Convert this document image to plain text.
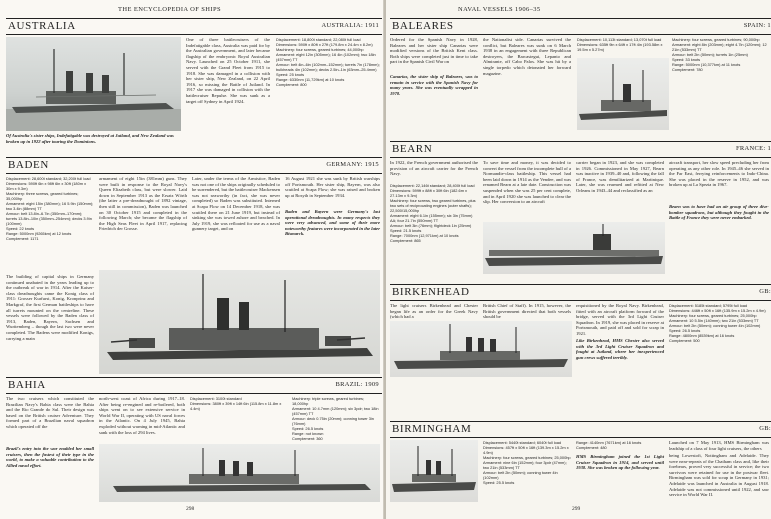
THE ENCYCLOPEDIA OF SHIPS
AUSTRALIA	AUSTRALIA: 1911
Of Australia's sister ships, Indefatigable was destroyed at Jutland, and New Zealand was broken up in 1922 after touring the Dominions.
One of three battlecruisers of the Indefatigable class, Australia was paid for by the Australian government, and later became flagship of the embryonic Royal Australian Navy. Launched on 25 October 1911, she served with the Grand Fleet from 1915 to 1918. She was damaged in a collision with her sister ship, New Zealand, on 22 April 1916, so missing the Battle of Jutland. In 1917 she was damaged in collision with the battlecruiser Repulse. She was sunk as a target off Sydney in April 1924.
Displacement: 18,800t standard; 22,080t full load
Dimensions: 590ft x 80ft x 27ft (179.8m x 24.4m x 8.2m)
Machinery: four screws, geared turbines; 44,000hp
Armament: eight 12in (305mm); 16 4in (102mm); two 18in (457mm) TT
Armour: belt 4in–6in (102mm–152mm); turrets 7in (178mm); bulkheads 4in (102mm); decks 2.5in–1in (63mm–25.4mm)
Speed: 25 knots
Range: 6330nm (11,729km) at 10 knots
Complement: 800
BADEN	GERMANY: 1915
Displacement: 28,600t standard; 32,200t full load
Dimensions: 590ft 6in x 98ft 6in x 30ft (180m x 30m x 9.3m)
Machinery: three screws, geared turbines; 35,000hp
Armament: eight 15in (380mm); 16 5.9in (150mm); two 3.4in (88mm) TT
Armour: belt 13.8in–6.7in (350mm–170mm); turrets 13.8in–10in (350mm–254mm); decks 3.9in (100mm)
Speed: 22 knots
Range: 5000nm (9265km) at 12 knots
Complement: 1171
The building of capital ships in Germany continued unabated in the years leading up to the outbreak of war in 1914. After the Kaiser-class dreadnoughts came the Konig class of 1911: Grosser Kurfurst, Konig, Kronprinz and Markgraf, the first German battleships to have all turrets mounted on the centreline. These vessels were followed by the Baden class of 1913, Baden, Bayern, Sachsen and Wurttemberg – though the last two were never completed. The Badens were modified Konigs, carrying a main
armament of eight 15in (381mm) guns. They were built in response to the Royal Navy's Queen Elizabeth class, but were slower. Laid down in September 1913 as the Ersatz Wörth (the latter a pre-dreadnought of 1892 vintage, then still in commission), Baden was launched on 30 October 1915 and completed in the following March; she became the flagship of the High Seas Fleet in April 1917, replacing Friedrich der Grosse.
Later, under the terms of the Armistice, Baden was not one of the ships originally scheduled to be surrendered, but the battlecruiser Mackensen was not seaworthy (in fact, she was never completed) so Baden was substituted. Interned at Scapa Flow on 14 December 1918, she was scuttled there on 21 June 1919, but instead of sinking she was towed ashore and beached. In July 1919, she was refloated for use as a naval gunnery target, and on
16 August 1921 she was sunk by British warships off Portsmouth. Her sister ship, Bayern, was also scuttled at Scapa Flow; she was raised and broken up at Rosyth in September 1934.
Baden and Bayern were Germany's last operational dreadnoughts. In many respects they were very advanced, and some of their more noteworthy features were incorporated in the later Bismarck.
BAHIA	BRAZIL: 1909
The two cruisers which constituted the Brazilian Navy's Bahia class were the Bahia and the Rio Grande do Sul. Their design was based on the British cruiser Adventure. They formed part of a Brazilian naval squadron which operated off the
Brazil's entry into the war enabled her small cruisers, then the fastest of their type in the world, to make a valuable contribution to the Allied naval effort.
north-west coast of Africa during 1917–18. After being re-engined and re-boilered, both ships went on to see extensive service in World War II, operating with US naval forces in the Atlantic. On 4 July 1945, Bahia exploded without warning in mid-Atlantic and sank with the loss of 294 lives.
Displacement: 3100t standard
Dimensions: 380ft x 39ft x 14ft 6in (115.8m x 11.8m x 4.4m)
Machinery: triple screws, geared turbines; 18,000hp
Armament: 10 4.7mm (120mm); six 3pdr; two 18in (457mm) TT
Armour: deck 0.75in (20mm); conning tower 3in (76mm)
Speed: 26.5 knots
Range: not known
Complement: 360
298
NAVAL VESSELS 1906–35
BALEARES	SPAIN: 1
Ordered for the Spanish Navy in 1928, Baleares and her sister ship Canarias were modified versions of the British Kent class. Both ships were completed just in time to take part in the Spanish Civil War on
Canarias, the sister ship of Baleares, was to remain in service with the Spanish Navy for many years. She was eventually scrapped in 1978.
the Nationalist side. Canarias survived the conflict, but Baleares was sunk on 6 March 1938 in an engagement with three Republican destroyers, the Barcastegui, Lepanto and Almirante, off Cabo Palos. She was hit by a single torpedo which detonated her forward magazine.
Displacement: 10,113t standard; 13,070t full load
Dimensions: 635ft 9in x 64ft x 17ft 4in (193.58m x 19.5m x 5.27m)
Machinery: four screws, geared turbines; 90,000hp
Armament: eight 8in (203mm); eight 4.7in (120mm); 12 21in (533mm) TT
Armour: belt 2in (50mm); turrets 1in (25mm)
Speed: 33 knots
Range: 5000nm (10,377km) at 11 knots
Complement: 780
BEARN	FRANCE: 1
In 1922, the French government authorised the provision of an aircraft carrier for the French Navy.
Displacement: 22,146t standard; 28,400t full load
Dimensions: 599ft x 88ft x 30ft 6in (182.6m x 27.13m x 9.3m)
Machinery: four screws, two geared turbines, plus two sets of reciprocating engines (outer shafts); 22,500/15,000hp
Armament: eight 6.1in (155mm); six 3in (75mm) AA; four 21.7in (550mm) TT
Armour: belt 3in (76mm); flightdeck 1in (25mm)
Speed: 21.5 knots
Range: 7000nm (12,971km) at 10 knots
Complement: 865
To save time and money, it was decided to convert the vessel from the incomplete hull of a Normandie-class battleship. This vessel had been laid down in 1914 as the Vendee, and was renamed Bearn at a late date. Construction was suspended when she was 25 per cent complete, and in April 1920 she was launched to clear the slip. Her conversion to an aircraft
carrier began in 1923, and she was completed in 1926. Commissioned in May 1927, Bearn was inactive in 1939–40 and, following the fall of France, was demilitarized at Martinique. Later, she was rearmed and refitted at New Orleans in 1943–44 and reclassified as an
aircraft transport, her slow speed precluding her from operating as any other role. In 1945–46 she served in the Far East, ferrying reinforcements to Indo-China. She was placed in the reserve in 1952, and was broken up at La Spezia in 1967.
Bearn was to have had an air group of three dive-bomber squadrons, but although they fought in the Battle of France they were never embarked.
BIRKENHEAD	GB:
The light cruisers Birkenhead and Chester began life as an order for the Greek Navy (which had a
British Chief of Staff). In 1915, however, the British government directed that both vessels should be
requisitioned by the Royal Navy. Birkenhead, fitted with an aircraft platform forward of the bridge, served with the 3rd Light Cruiser Squadron. In 1919, she was placed in reserve at Portsmouth, and paid off and sold for scrap in 1921.
Like Birkenhead, HMS Chester also served with the 3rd Light Cruiser Squadron and fought at Jutland, where her inexperienced gun crews suffered terribly.
Displacement: 5185t standard; 5795t full load
Dimensions: 446ft x 50ft x 16ft (135.9m x 15.2m x 4.9m)
Machinery: four screws, geared turbines; 25,000hp
Armament: 10 5.5in (140mm); two 21in (533mm) TT
Armour: belt 2in (50mm); conning tower 4in (102mm)
Speed: 26.5 knots
Range: 4800nm (8539km) at 16 knots
Complement: 500
BIRMINGHAM	GB:
Displacement: 5440t standard; 6040t full load
Dimensions: 457ft x 50ft x 16ft (139.3m x 15.2m x 4.9m)
Machinery: four screws, geared turbines; 25,000hp
Armament: nine 6in (152mm); four 3pdr (47mm); two 21in (533mm) TT
Armour: belt 2in (50mm); conning tower 4in (102mm)
Speed: 25.5 knots
Range: 4140nm (7671km) at 16 knots
Complement: 480
HMS Birmingham joined the 1st Light Cruiser Squadron in 1914, and served until 1938. She was broken up the following year.
Launched on 7 May 1913, HMS Birmingham was leadship of a class of four light cruisers, the others
being Lowestoft, Nottingham and Adelaide. They were near-repeats of the Chatham class and, like their forebears, proved very successful in service; the two survivors were retained for use in the postwar fleet. Birmingham was sold for scrap in Germany in 1931; Adelaide was launched in Australia in August 1918. Adelaide was not commissioned until 1922, and saw service in World War II.
299
